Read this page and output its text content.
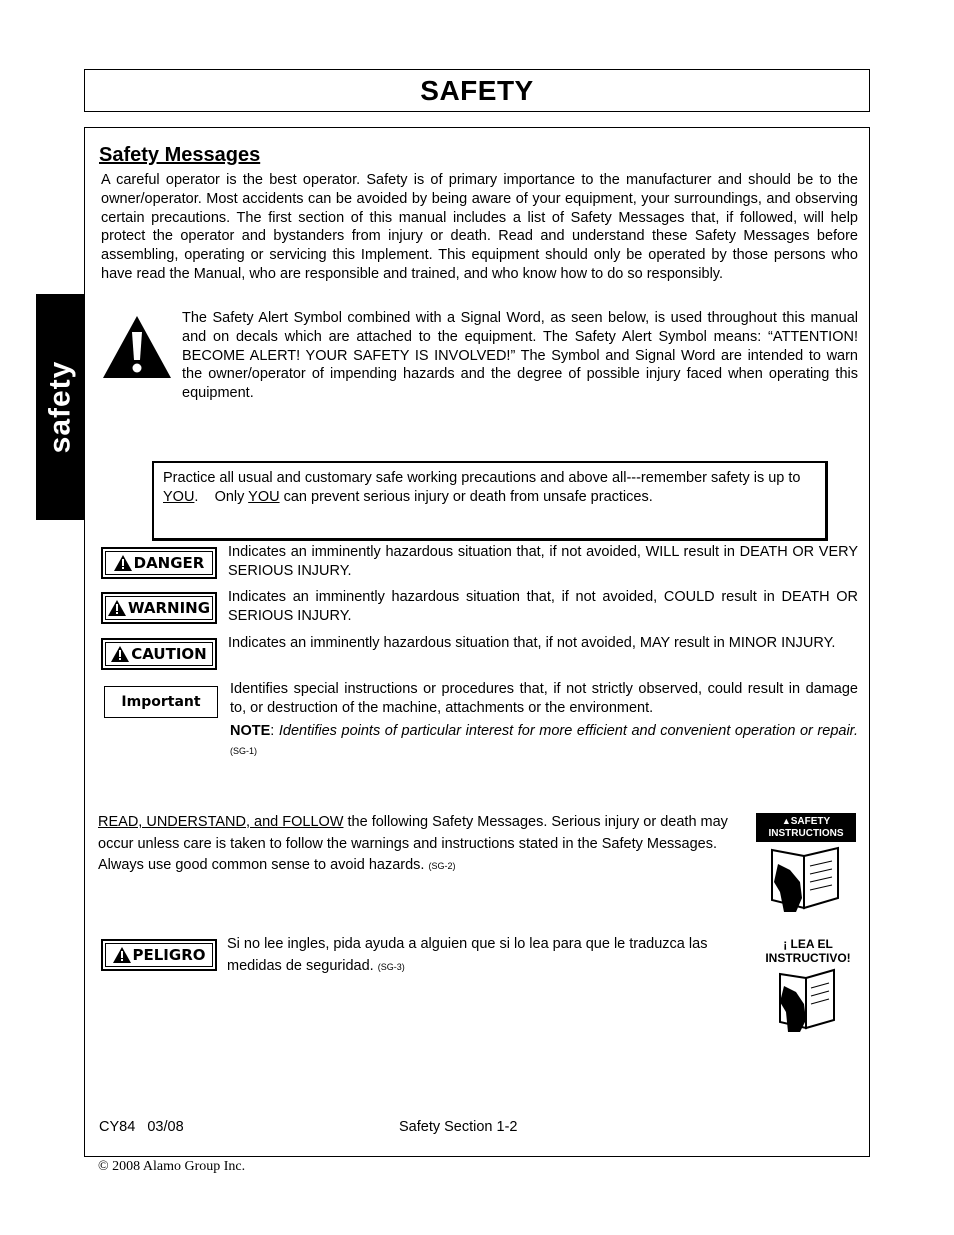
SAFETY
safety
Safety Messages
A careful operator is the best operator. Safety is of primary importance to the manufacturer and should be to the owner/operator. Most accidents can be avoided by being aware of your equipment, your surroundings, and observing certain precautions. The first section of this manual includes a list of Safety Messages that, if followed, will help protect the operator and bystanders from injury or death. Read and understand these Safety Messages before assembling, operating or servicing this Implement. This equipment should only be operated by those persons who have read the Manual, who are responsible and trained, and who know how to do so responsibly.
The Safety Alert Symbol combined with a Signal Word, as seen below, is used throughout this manual and on decals which are attached to the equipment. The Safety Alert Symbol means: “ATTENTION! BECOME ALERT! YOUR SAFETY IS INVOLVED!” The Symbol and Signal Word are intended to warn the owner/operator of impending hazards and the degree of possible injury faced when operating this equipment.
Practice all usual and customary safe working precautions and above all---remember safety is up to YOU.    Only YOU can prevent serious injury or death from unsafe practices.
DANGER
Indicates an imminently hazardous situation that, if not avoided, WILL result in DEATH OR VERY SERIOUS INJURY.
WARNING
Indicates an imminently hazardous situation that, if not avoided, COULD result in DEATH OR SERIOUS INJURY.
CAUTION
Indicates an imminently hazardous situation that, if not avoided, MAY result in MINOR INJURY.
Important
Identifies special instructions or procedures that, if not strictly observed, could result in damage to, or destruction of the machine, attachments or the environment.
NOTE: Identifies points of particular interest for more efficient and convenient operation or repair.(SG-1)
READ, UNDERSTAND, and FOLLOW the following Safety Messages. Serious injury or death may occur unless care is taken to follow the warnings and instructions stated in the Safety Messages. Always use good common sense to avoid hazards. (SG-2)
▲SAFETY
INSTRUCTIONS
PELIGRO
Si no lee ingles, pida ayuda a alguien que si lo lea para que le traduzca las medidas de seguridad. (SG-3)
¡ LEA EL
INSTRUCTIVO!
CY84   03/08	Safety Section 1-2
© 2008 Alamo Group Inc.
